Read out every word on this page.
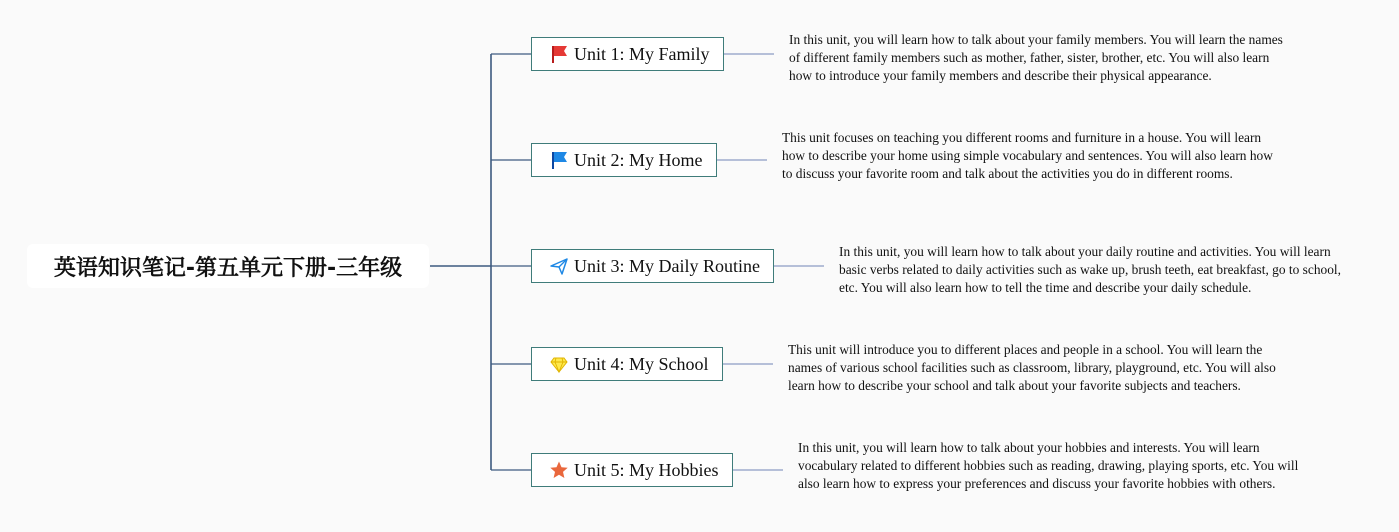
英语知识笔记-第五单元下册-三年级
Unit 1: My Family
In this unit, you will learn how to talk about your family members. You will learn the names of different family members such as mother, father, sister, brother, etc. You will also learn how to introduce your family members and describe their physical appearance.
Unit 2: My Home
This unit focuses on teaching you different rooms and furniture in a house. You will learn how to describe your home using simple vocabulary and sentences. You will also learn how to discuss your favorite room and talk about the activities you do in different rooms.
Unit 3: My Daily Routine
In this unit, you will learn how to talk about your daily routine and activities. You will learn basic verbs related to daily activities such as wake up, brush teeth, eat breakfast, go to school, etc. You will also learn how to tell the time and describe your daily schedule.
Unit 4: My School
This unit will introduce you to different places and people in a school. You will learn the names of various school facilities such as classroom, library, playground, etc. You will also learn how to describe your school and talk about your favorite subjects and teachers.
Unit 5: My Hobbies
In this unit, you will learn how to talk about your hobbies and interests. You will learn vocabulary related to different hobbies such as reading, drawing, playing sports, etc. You will also learn how to express your preferences and discuss your favorite hobbies with others.
